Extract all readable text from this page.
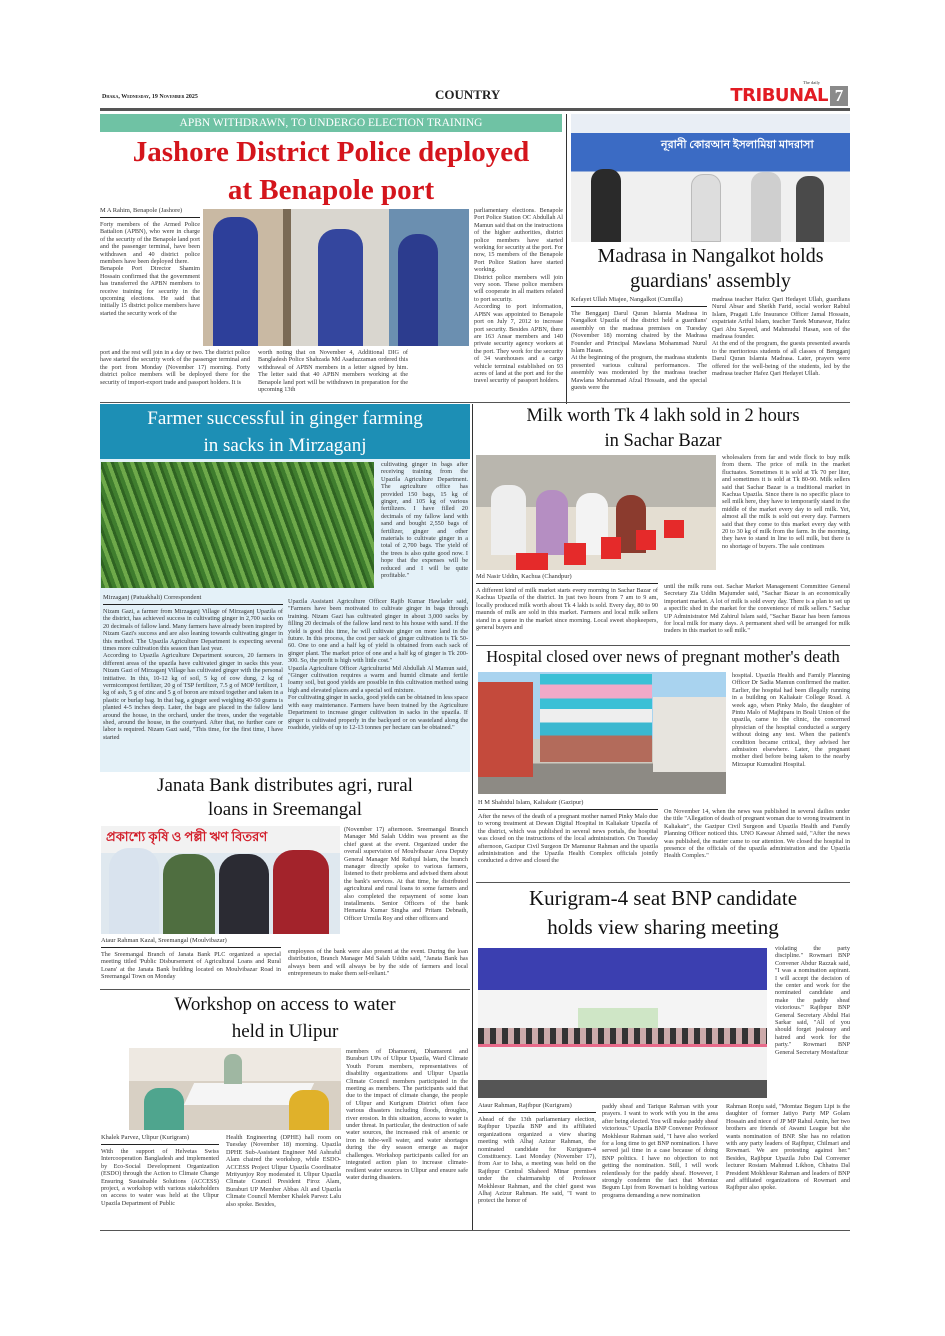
Dhaka, Wednesday, 19 November 2025	COUNTRY
The daily
TRIBUNAL 7
APBN WITHDRAWN, TO UNDERGO ELECTION TRAINING
Jashore District Police deployed
at Benapole port
M A Rahim, Benapole (Jashore)

Forty members of the Armed Police Battalion (APBN), who were in charge of the security of the Benapole land port and the passenger terminal, have been withdrawn and 40 district police members have been deployed there.

Benapole Port Director Shamim Hossain confirmed that the government has transferred the APBN members to receive training for security in the upcoming elections. He said that initially 15 district police members have started the security work of the

port and the rest will join in a day or two. The district police have started the security work of the passenger terminal and the port from Monday (November 17) morning. Forty district police members will be deployed there for the security of import-export trade and passport holders. It is

worth noting that on November 4, Additional DIG of Bangladesh Police Shahzada Md Asaduzzaman ordered this withdrawal of APBN members in a letter signed by him. The letter said that 40 APBN members working at the Benapole land port will be withdrawn in preparation for the upcoming 13th

parliamentary elections. Benapole Port Police Station OC Abdullah Al Mamun said that on the instructions of the higher authorities, district police members have started working for security at the port. For now, 15 members of the Benapole Port Police Station have started working.

District police members will join very soon. These police members will cooperate in all matters related to port security.

According to port information, APBN was appointed to Benapole port on July 7, 2012 to increase port security. Besides APBN, there are 163 Ansar members and 140 private security agency workers at the port. They work for the security of 34 warehouses and a cargo vehicle terminal established on 93 acres of land at the port and for the travel security of passport holders.

নূরানী কোরআন ইসলামিয়া মাদরাসা
Madrasa in Nangalkot holds
guardians' assembly
Kefayet Ullah Miajee, Nangalkot (Cumilla)

The Bengganj Darul Quran Islamia Madrasa in Nangalkot Upazila of the district held a guardians' assembly on the madrasa premises on Tuesday (November 18) morning chaired by the Madrasa Founder and Principal Mawlana Mohammad Nurul Islam Hasan.

At the beginning of the program, the madrasa students presented various cultural performances. The assembly was moderated by the madrasa teacher Mawlana Mohammad Afzal Hossain, and the special guests were the

madrasa teacher Hafez Qari Hedayet Ullah, guardians Nurul Absar and Sheikh Farid, social worker Rabiul Islam, Pragati Life Insurance Officer Jamal Hossain, expatriate Ariful Islam, teacher Tarek Munawar, Hafez Qari Abu Sayeed, and Mahmudul Hasan, son of the madrasa founder.

At the end of the program, the guests presented awards to the meritorious students of all classes of Bengganj Darul Quran Islamia Madrasa. Later, prayers were offered for the well-being of the students, led by the madrasa teacher Hafez Qari Hedayet Ullah.

Farmer successful in ginger farming
in sacks in Mirzaganj

cultivating ginger in bags after receiving training from the Upazila Agriculture Department. The agriculture office has provided 150 bags, 15 kg of ginger, and 105 kg of various fertilizers. I have filled 20 decimals of my fallow land with sand and bought 2,550 bags of fertilizer, ginger and other materials to cultivate ginger in a total of 2,700 bags. The yield of the trees is also quite good now. I hope that the expenses will be reduced and I will be quite profitable."

Mirzaganj (Patuakhali) Correspondent

Nizam Gazi, a farmer from Mirzaganj Village of Mirzaganj Upazila of the district, has achieved success in cultivating ginger in 2,700 sacks on 20 decimals of fallow land. Many farmers have already been inspired by Nizam Gazi's success and are also leaning towards cultivating ginger in this method. The Upazila Agriculture Department is expecting several times more cultivation this season than last year.

According to Upazila Agriculture Department sources, 20 farmers in different areas of the upazila have cultivated ginger in sacks this year. Nizam Gazi of Mirzaganj Village has cultivated ginger with the personal initiative. In this, 10-12 kg of soil, 5 kg of cow dung, 2 kg of vermicompost fertilizer, 20 g of TSP fertilizer, 7.5 g of MOP fertilizer, 1 kg of ash, 5 g of zinc and 5 g of boron are mixed together and taken in a plastic or burlap bag. In that bag, a ginger seed weighing 40-50 grams is planted 4-5 inches deep. Later, the bags are placed in the fallow land around the house, in the orchard, under the trees, under the vegetable shed, around the house, in the courtyard. After that, no further care or labor is required. Nizam Gazi said, "This time, for the first time, I have started

Upazila Assistant Agriculture Officer Rajib Kumar Hawlader said, "Farmers have been motivated to cultivate ginger in bags through training. Nizam Gazi has cultivated ginger in about 3,000 sacks by filling 20 decimals of the fallow land next to his house with sand. If the yield is good this time, he will cultivate ginger on more land in the future. In this process, the cost per sack of ginger cultivation is Tk 50-60. One to one and a half kg of yield is obtained from each sack of ginger plant. The market price of one and a half kg of ginger is Tk 200-300. So, the profit is high with little cost."

Upazila Agriculture Officer Agriculturist Md Abdullah Al Mamun said, "Ginger cultivation requires a warm and humid climate and fertile loamy soil, but good yields are possible in this cultivation method using high and elevated places and a special soil mixture.

For cultivating ginger in sacks, good yields can be obtained in less space with easy maintenance. Farmers have been trained by the Agriculture Department to increase ginger cultivation in sacks in the upazila. If ginger is cultivated properly in the backyard or on wasteland along the roadside, yields of up to 12-13 tonnes per hectare can be obtained."

Milk worth Tk 4 lakh sold in 2 hours
in Sachar Bazar

wholesalers from far and wide flock to buy milk from them. The price of milk in the market fluctuates. Sometimes it is sold at Tk 70 per liter, and sometimes it is sold at Tk 80-90. Milk sellers said that Sachar Bazar is a traditional market in Kachua Upazila. Since there is no specific place to sell milk here, they have to temporarily stand in the middle of the market every day to sell milk. Yet, almost all the milk is sold out every day. Farmers said that they come to this market every day with 20 to 30 kg of milk from the farm. In the morning, they have to stand in line to sell milk, but there is no shortage of buyers. The sale continues

Md Nasir Uddin, Kachua (Chandpur)

A different kind of milk market starts every morning in Sachar Bazar of Kachua Upazila of the district. In just two hours from 7 am to 9 am, locally produced milk worth about Tk 4 lakh is sold. Every day, 80 to 90 maunds of milk are sold in this market. Farmers and local milk sellers stand in a queue in the market since morning. Local sweet shopkeepers, general buyers and

until the milk runs out. Sachar Market Management Committee General Secretary Zia Uddin Majumder said, "Sachar Bazar is an economically important market. A lot of milk is sold every day. There is a plan to set up a specific shed in the market for the convenience of milk sellers." Sachar UP Administrator Md Zahirul Islam said, "Sachar Bazar has been famous for local milk for many days. A permanent shed will be arranged for milk traders in this market to sell milk."

Hospital closed over news of pregnant mother's death

hospital. Upazila Health and Family Planning Officer Dr Sadia Mamun confirmed the matter. Earlier, the hospital had been illegally running in a building on Kaliakair College Road. A week ago, when Pinky Malo, the daughter of Pintu Malo of Majhipara in Boali Union of the upazila, came to the clinic, the concerned physician of the hospital conducted a surgery without doing any test. When the patient's condition became critical, they advised her admission elsewhere. Later, the pregnant mother died before being taken to the nearby Mirzapur Kumudini Hospital.

H M Shahidul Islam, Kaliakair (Gazipur)

After the news of the death of a pregnant mother named Pinky Malo due to wrong treatment at Dewan Digital Hospital in Kaliakair Upazila of the district, which was published in several news portals, the hospital was closed on the instructions of the local administration. On Tuesday afternoon, Gazipur Civil Surgeon Dr Mamunur Rahman and the upazila administration and the Upazila Health Complex officials jointly conducted a drive and closed the

On November 14, when the news was published in several dailies under the title "Allegation of death of pregnant woman due to wrong treatment in Kaliakair", the Gazipur Civil Surgeon and Upazila Health and Family Planning Officer noticed this. UNO Kawsar Ahmed said, "After the news was published, the matter came to our attention. We closed the hospital in presence of the officials of the upazila administration and the Upazila Health Complex."

Janata Bank distributes agri, rural
loans in Sreemangal
প্রকাশ্যে কৃষি ও পল্লী ঋণ বিতরণ	(November 17) afternoon. Sreemangal Branch Manager Md Salah Uddin was present as the chief guest at the event. Organized under the overall supervision of Moulvibazar Area Deputy General Manager Md Rafiqul Islam, the branch manager directly spoke to various farmers, listened to their problems and advised them about the bank's services. At that time, he distributed agricultural and rural loans to some farmers and also completed the repayment of some loan installments. Senior Officers of the bank Hemanta Kumar Singha and Pritam Debnath, Officer Urmila Roy and other officers and

Ataur Rahman Kazal, Sreemangal (Moulvibazar)

The Sreemangal Branch of Janata Bank PLC organized a special meeting titled 'Public Disbursement of Agricultural Loans and Rural Loans' at the Janata Bank building located on Moulvibazar Road in Sreemangal Town on Monday

employees of the bank were also present at the event. During the loan distribution, Branch Manager Md Salah Uddin said, "Janata Bank has always been and will always be by the side of farmers and local entrepreneurs to make them self-reliant."

Workshop on access to water
held in Ulipur

members of Dhamsreni, Dhamsreni and Buraburi UPs of Ulipur Upazila, Ward Climate Youth Forum members, representatives of disability organizations and Ulipur Upazila Climate Council members participated in the meeting as members. The participants said that due to the impact of climate change, the people of Ulipur and Kurigram District often face various disasters including floods, droughts, river erosion. In this situation, access to water is under threat. In particular, the destruction of safe water sources, the increased risk of arsenic or iron in tube-well water, and water shortages during the dry season emerge as major challenges. Workshop participants called for an integrated action plan to increase climate-resilient water sources in Ulipur and ensure safe water during disasters.

Khalek Parvez, Ulipur (Kurigram)

With the support of Helvetas Swiss Intercooperation Bangladesh and implemented by Eco-Social Development Organization (ESDO) through the Action to Climate Change Ensuring Sustainable Solutions (ACCESS) project, a workshop with various stakeholders on access to water was held at the Ulipur Upazila Department of Public

Health Engineering (DPHE) hall room on Tuesday (November 18) morning. Upazila DPHE Sub-Assistant Engineer Md Ashraful Alam chaired the workshop, while ESDO-ACCESS Project Ulipur Upazila Coordinator Mrityunjoy Roy moderated it. Ulipur Upazila Climate Council President Firoz Alam, Buraburi UP Member Abbas Ali and Upazila Climate Council Member Khalek Parvez Lalu also spoke. Besides,

Kurigram-4 seat BNP candidate
holds view sharing meeting

violating the party discipline." Rowmari BNP Convener Abdur Razzak said, "I was a nomination aspirant. I will accept the decision of the center and work for the nominated candidate and make the paddy sheaf victorious." Rajibpur BNP General Secretary Abdul Hai Sarkar said, "All of you should forget jealousy and hatred and work for the party." Rowmari BNP General Secretary Mostafizur

Ataur Rahman, Rajibpur (Kurigram)

Ahead of the 13th parliamentary election, Rajibpur Upazila BNP and its affiliated organizations organized a view sharing meeting with Alhaj Azizur Rahman, the nominated candidate for Kurigram-4 Constituency. Last Monday (November 17), from Asr to Isha, a meeting was held on the Rajibpur Central Shaheed Minar premises under the chairmanship of Professor Mokhlesur Rahman, and the chief guest was Alhaj Azizur Rahman. He said, "I want to protect the honor of

paddy sheaf and Tarique Rahman with your prayers. I want to work with you in the area after being elected. You will make paddy sheaf victorious." Upazila BNP Convener Professor Mokhlesur Rahman said, "I have also worked for a long time to get BNP nomination. I have served jail time in a case because of doing BNP politics. I have no objection to not getting the nomination. Still, I will work relentlessly for the paddy sheaf. However, I strongly condemn the fact that Momtaz Begum Lipi from Rowmari is holding various programs demanding a new nomination

Rahman Ronju said, "Momtaz Begum Lipi is the daughter of former Jatiyo Party MP Golam Hossain and niece of JP MP Rahul Amin, her two brothers are friends of Awami League but she wants nomination of BNP. She has no relation with any party leaders of Rajibpur, Chilmari and Rowmari. We are protesting against her." Besides, Rajibpur Upazila Jubo Dal Convener lecturer Rostam Mahmud Likhon, Chhatra Dal President Mokhlesur Rahman and leaders of BNP and affiliated organizations of Rowmari and Rajibpur also spoke.
